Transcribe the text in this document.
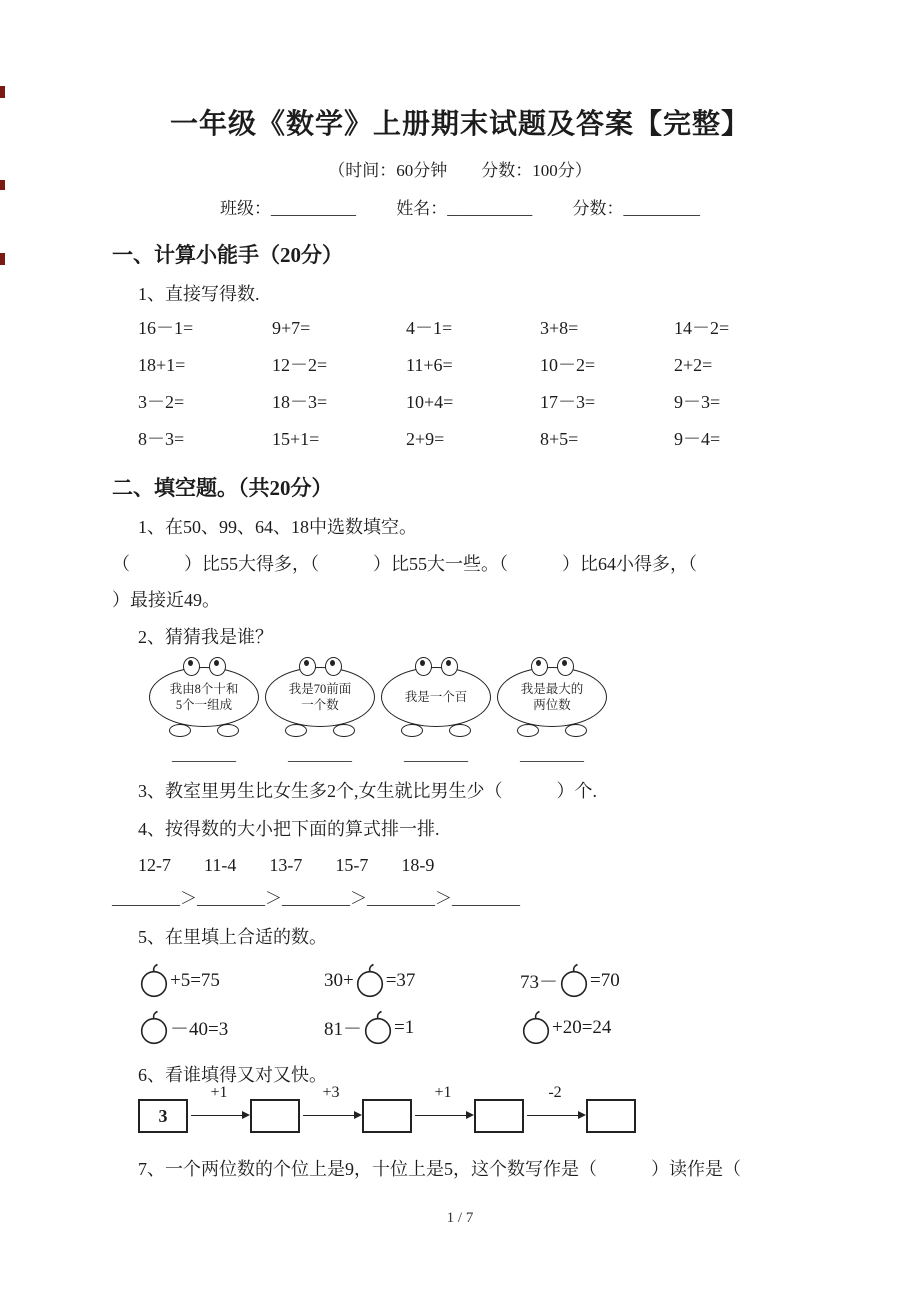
一年级《数学》上册期末试题及答案【完整】
（时间：60分钟　　分数：100分）
班级：__________ 姓名：__________ 分数：_________
一、计算小能手（20分）
1、直接写得数.
16－1=	9+7=	4－1=	3+8=	14－2=
18+1=	12－2=	11+6=	10－2=	2+2=
3－2=	18－3=	10+4=	17－3=	9－3=
8－3=	15+1=	2+9=	8+5=	9－4=
二、填空题。（共20分）
1、在50、99、64、18中选数填空。
（　　　）比55大得多，（　　　）比55大一些。（　　　）比64小得多，（
）最接近49。
2、猜猜我是谁？
我由8个十和
5个一组成
我是70前面
一个数
我是一个百
我是最大的
两位数
________	________	________	________
3、教室里男生比女生多2个,女生就比男生少（　　　）个.
4、按得数的大小把下面的算式排一排.
12-7 11-4 13-7 15-7 18-9
________＞________＞________＞________＞________
5、在里填上合适的数。
+5=75	30+ =37	73－ =70
－40=3	81－ =1	+20=24
6、看谁填得又对又快。
3
+1	+3	+1	-2
7、一个两位数的个位上是9，十位上是5，这个数写作是（　　　）读作是（
1 / 7
